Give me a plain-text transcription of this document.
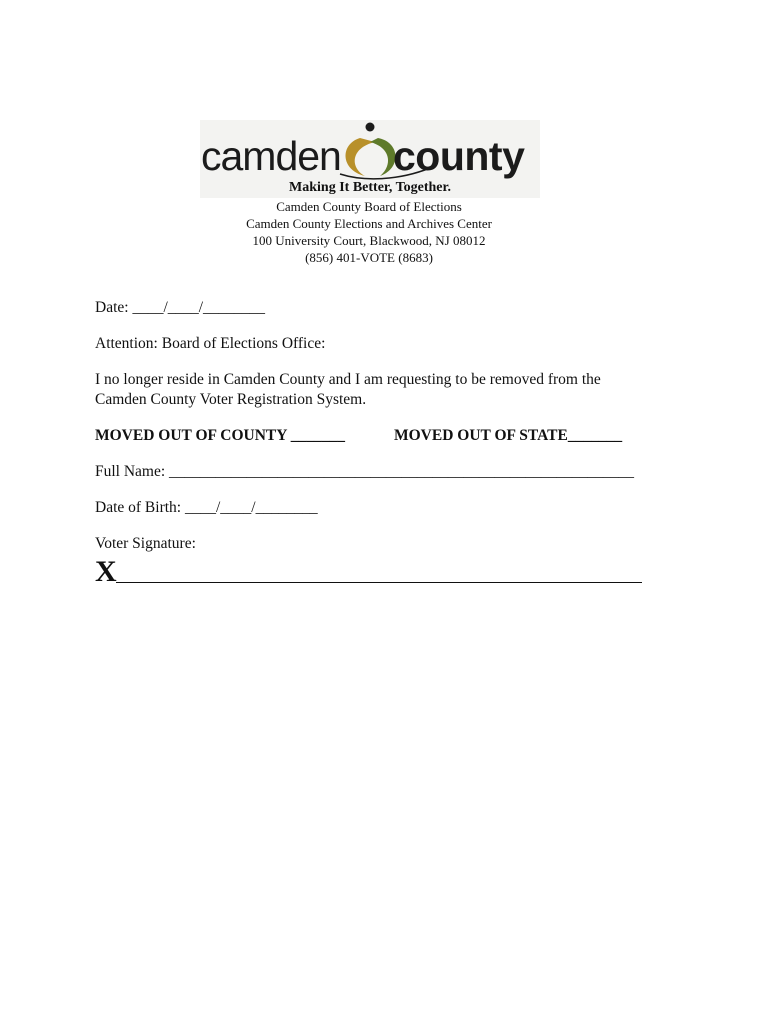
camden county
Making It Better, Together.
Camden County Board of Elections
Camden County Elections and Archives Center
100 University Court, Blackwood, NJ 08012
(856) 401-VOTE (8683)
Date: ____/____/________
Attention: Board of Elections Office:
I no longer reside in Camden County and I am requesting to be removed from the Camden County Voter Registration System.
MOVED OUT OF COUNTY _______	MOVED OUT OF STATE_______
Full Name: ____________________________________________________________
Date of Birth: ____/____/________
Voter Signature:
X
